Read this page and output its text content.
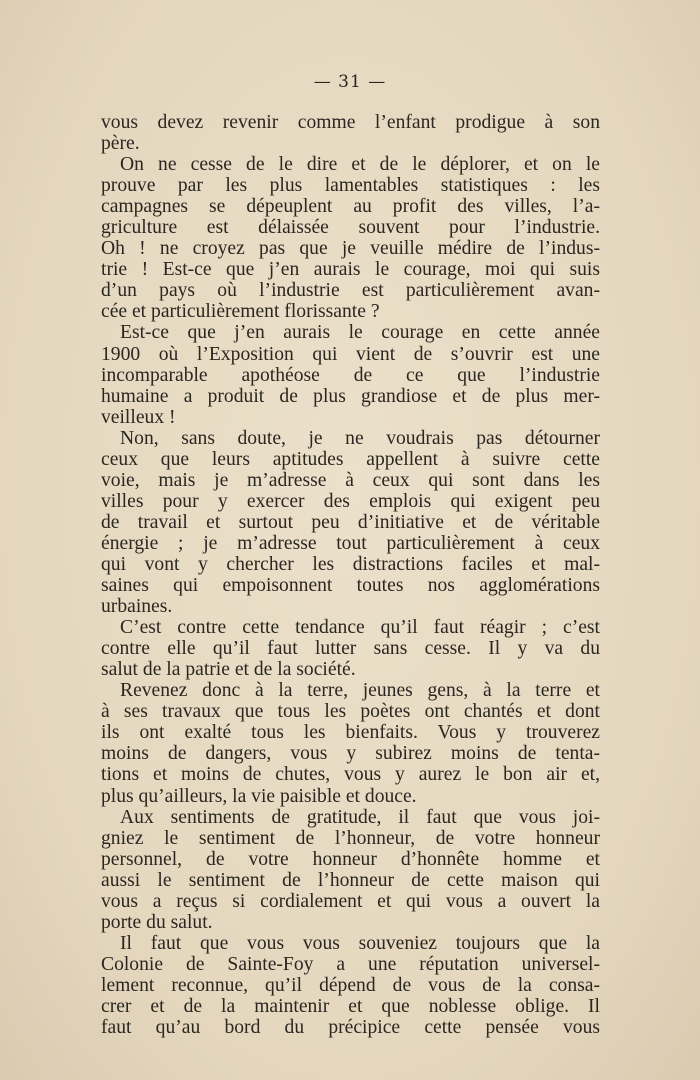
— 31 —

vous devez revenir comme l’enfant prodigue à son
père.

On ne cesse de le dire et de le déplorer, et on le
prouve par les plus lamentables statistiques : les
campagnes se dépeuplent au profit des villes, l’a-
griculture est délaissée souvent pour l’industrie.
Oh ! ne croyez pas que je veuille médire de l’indus-
trie ! Est-ce que j’en aurais le courage, moi qui suis
d’un pays où l’industrie est particulièrement avan-
cée et particulièrement florissante ?

Est-ce que j’en aurais le courage en cette année
1900 où l’Exposition qui vient de s’ouvrir est une
incomparable apothéose de ce que l’industrie
humaine a produit de plus grandiose et de plus mer-
veilleux !

Non, sans doute, je ne voudrais pas détourner
ceux que leurs aptitudes appellent à suivre cette
voie, mais je m’adresse à ceux qui sont dans les
villes pour y exercer des emplois qui exigent peu
de travail et surtout peu d’initiative et de véritable
énergie ; je m’adresse tout particulièrement à ceux
qui vont y chercher les distractions faciles et mal-
saines qui empoisonnent toutes nos agglomérations
urbaines.

C’est contre cette tendance qu’il faut réagir ; c’est
contre elle qu’il faut lutter sans cesse. Il y va du
salut de la patrie et de la société.

Revenez donc à la terre, jeunes gens, à la terre et
à ses travaux que tous les poètes ont chantés et dont
ils ont exalté tous les bienfaits. Vous y trouverez
moins de dangers, vous y subirez moins de tenta-
tions et moins de chutes, vous y aurez le bon air et,
plus qu’ailleurs, la vie paisible et douce.

Aux sentiments de gratitude, il faut que vous joi-
gniez le sentiment de l’honneur, de votre honneur
personnel, de votre honneur d’honnête homme et
aussi le sentiment de l’honneur de cette maison qui
vous a reçus si cordialement et qui vous a ouvert la
porte du salut.

Il faut que vous vous souveniez toujours que la
Colonie de Sainte-Foy a une réputation universel-
lement reconnue, qu’il dépend de vous de la consa-
crer et de la maintenir et que noblesse oblige. Il
faut qu’au bord du précipice cette pensée vous
